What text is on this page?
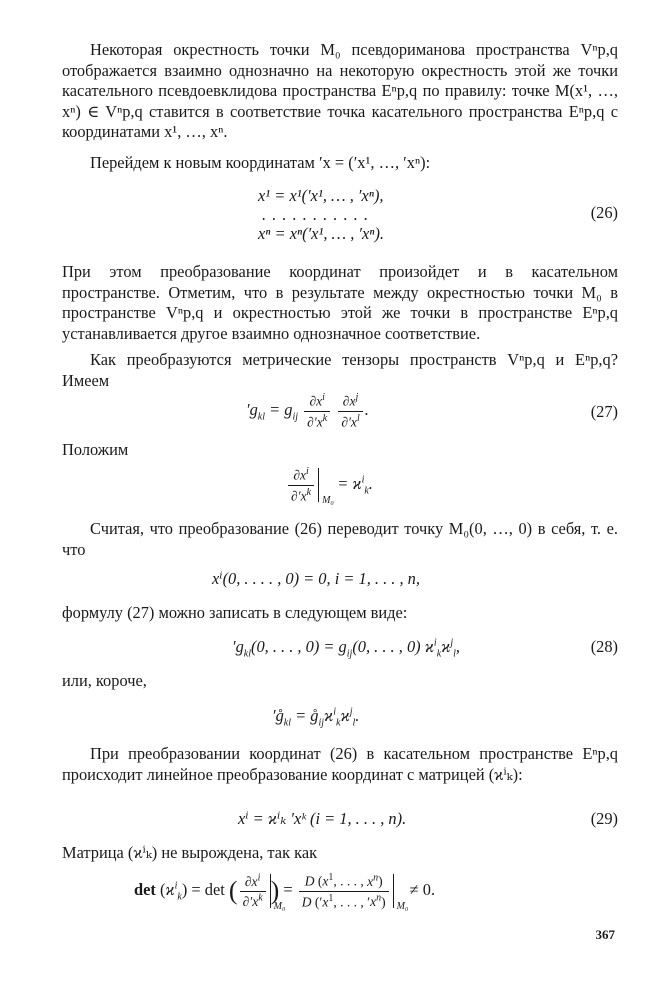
Некоторая окрестность точки M₀ псевдориманова пространства Vⁿp,q отображается взаимно однозначно на некоторую окрестность этой же точки касательного псевдоевклидова пространства Eⁿp,q по правилу: точке M(x¹, …, xⁿ) ∈ Vⁿp,q ставится в соответствие точка касательного пространства Eⁿp,q с координатами x¹, …, xⁿ.
Перейдем к новым координатам ′x = (′x¹, …, ′xⁿ):
x¹ = x¹(′x¹, … , ′xⁿ),
. . . . . . . . . . .
xⁿ = xⁿ(′x¹, … , ′xⁿ).
(26)
При этом преобразование координат произойдет и в касательном пространстве. Отметим, что в результате между окрестностью точки M₀ в пространстве Vⁿp,q и окрестностью этой же точки в пространстве Eⁿp,q устанавливается другое взаимно однозначное соответствие.
Как преобразуются метрические тензоры пространств Vⁿp,q и Eⁿp,q? Имеем
$'g_{kl} = g_{ij} \frac{\partial x^i}{\partial'x^k}$
$\frac{\partial x^j}{\partial'x^l}$ .	(27)
Положим
$\frac{\partial x^i}{\partial'x^k} M_0$
= $ϰ^i_k$.
Считая, что преобразование (26) переводит точку M₀(0, …, 0) в себя, т. е. что
xⁱ(0, . . . . , 0) = 0, i = 1, . . . , n,
формулу (27) можно записать в следующем виде:
$'g_{kl}(0$, . . . , $0) = g_{ij}(0$, . . . , 0) $ϰ^i_kϰ^j_l$,	(28)
или, короче,
$'g̊_{kl}$ = $g̊_{ij}ϰ^i_kϰ^j_l$.
При преобразовании координат (26) в касательном пространстве Eⁿp,q происходит линейное преобразование координат с матрицей (ϰⁱₖ):
xⁱ = ϰⁱₖ ′xᵏ (i = 1, . . . , n).	(29)
Матрица (ϰⁱₖ) не вырождена, так как
$\det (ϰ^i_k) = \det$ ( $\frac{\partial x^i}{\partial'x^k} M_0$
) = $\frac{D (x^1, . . . , x^n)}{D ('x^1, . . . , 'x^n)} M_0$
≠ 0.
367
